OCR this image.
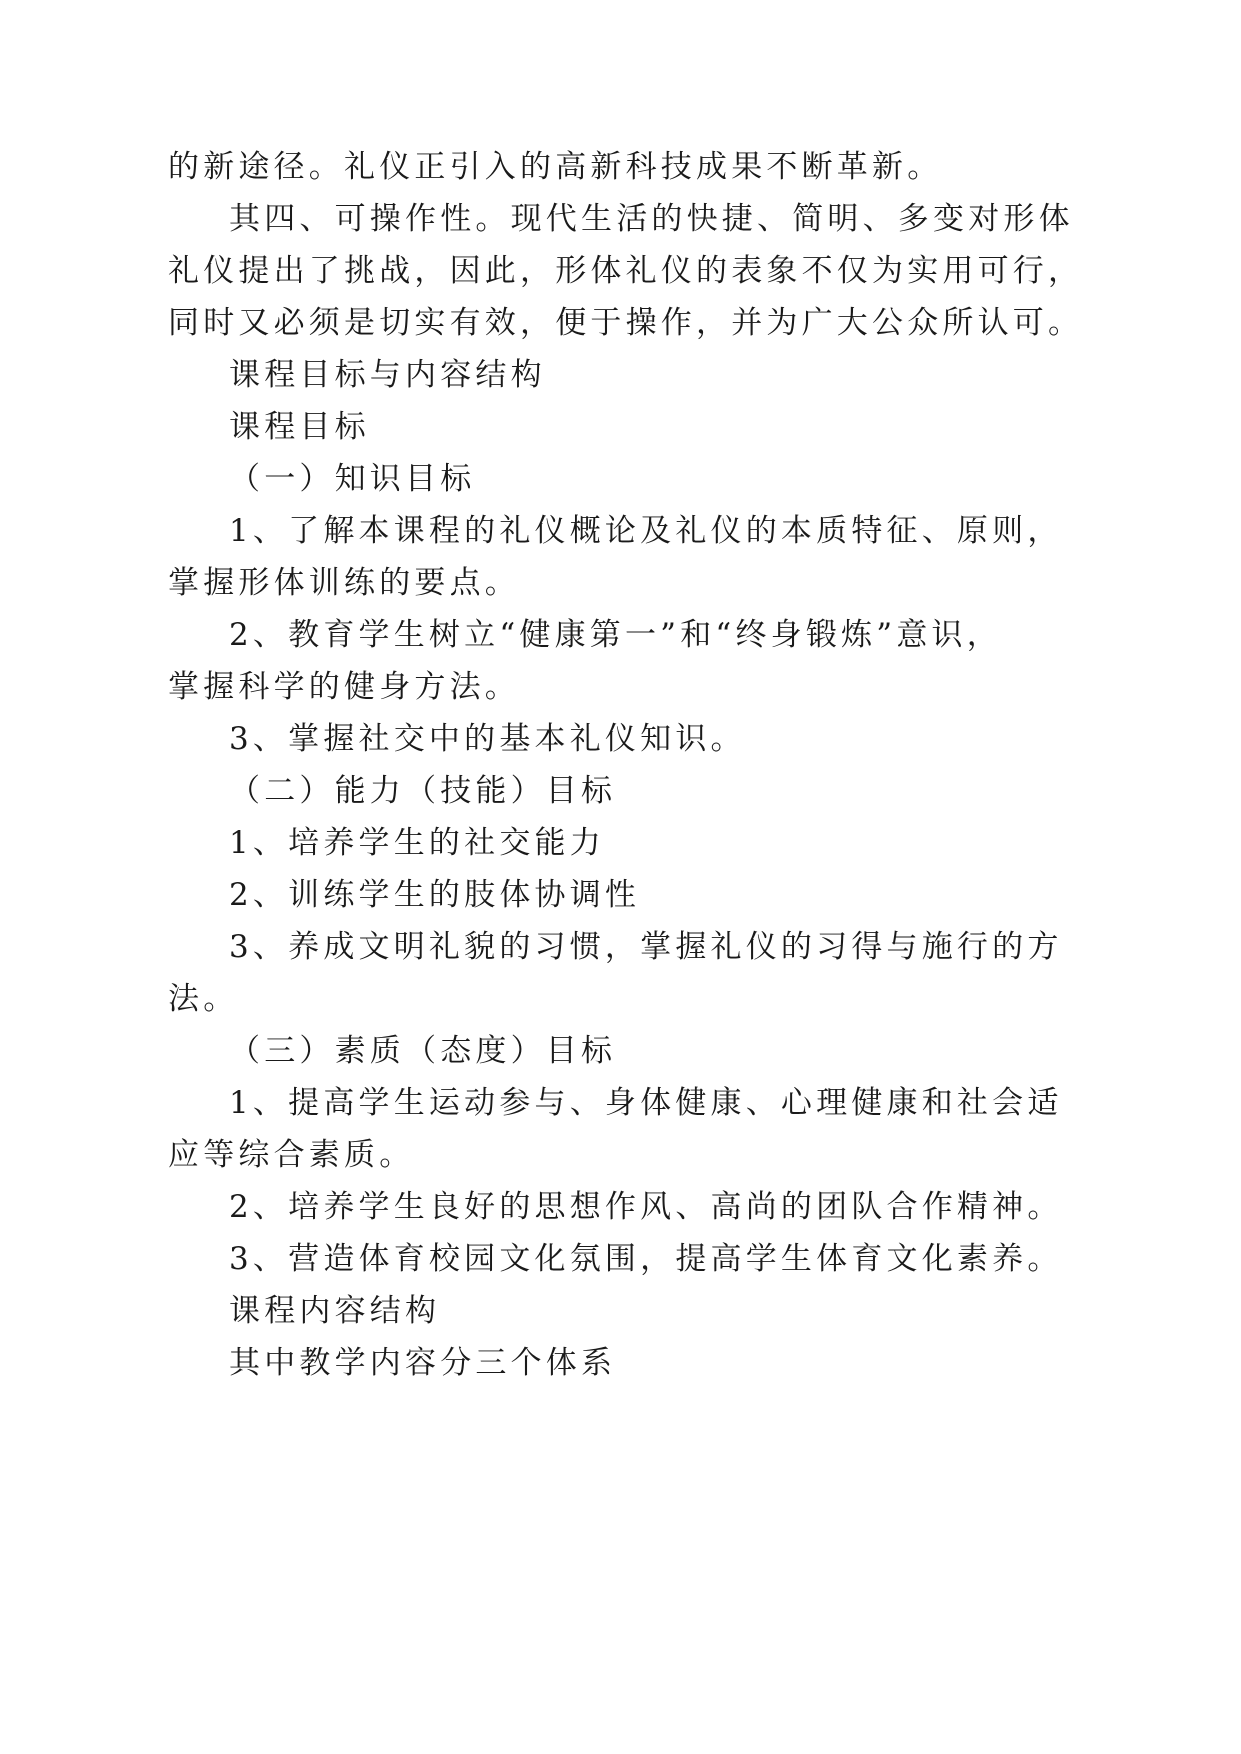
的新途径。礼仪正引入的高新科技成果不断革新。

其四、可操作性。现代生活的快捷、简明、多变对形体

礼仪提出了挑战，因此，形体礼仪的表象不仅为实用可行，

同时又必须是切实有效，便于操作，并为广大公众所认可。

课程目标与内容结构

课程目标

（一）知识目标

1、了解本课程的礼仪概论及礼仪的本质特征、原则，

掌握形体训练的要点。

2、教育学生树立“健康第一”和“终身锻炼”意识，

掌握科学的健身方法。

3、掌握社交中的基本礼仪知识。

（二）能力（技能）目标

1、培养学生的社交能力

2、训练学生的肢体协调性

3、养成文明礼貌的习惯，掌握礼仪的习得与施行的方

法。

（三）素质（态度）目标

1、提高学生运动参与、身体健康、心理健康和社会适

应等综合素质。

2、培养学生良好的思想作风、高尚的团队合作精神。

3、营造体育校园文化氛围，提高学生体育文化素养。

课程内容结构

其中教学内容分三个体系
